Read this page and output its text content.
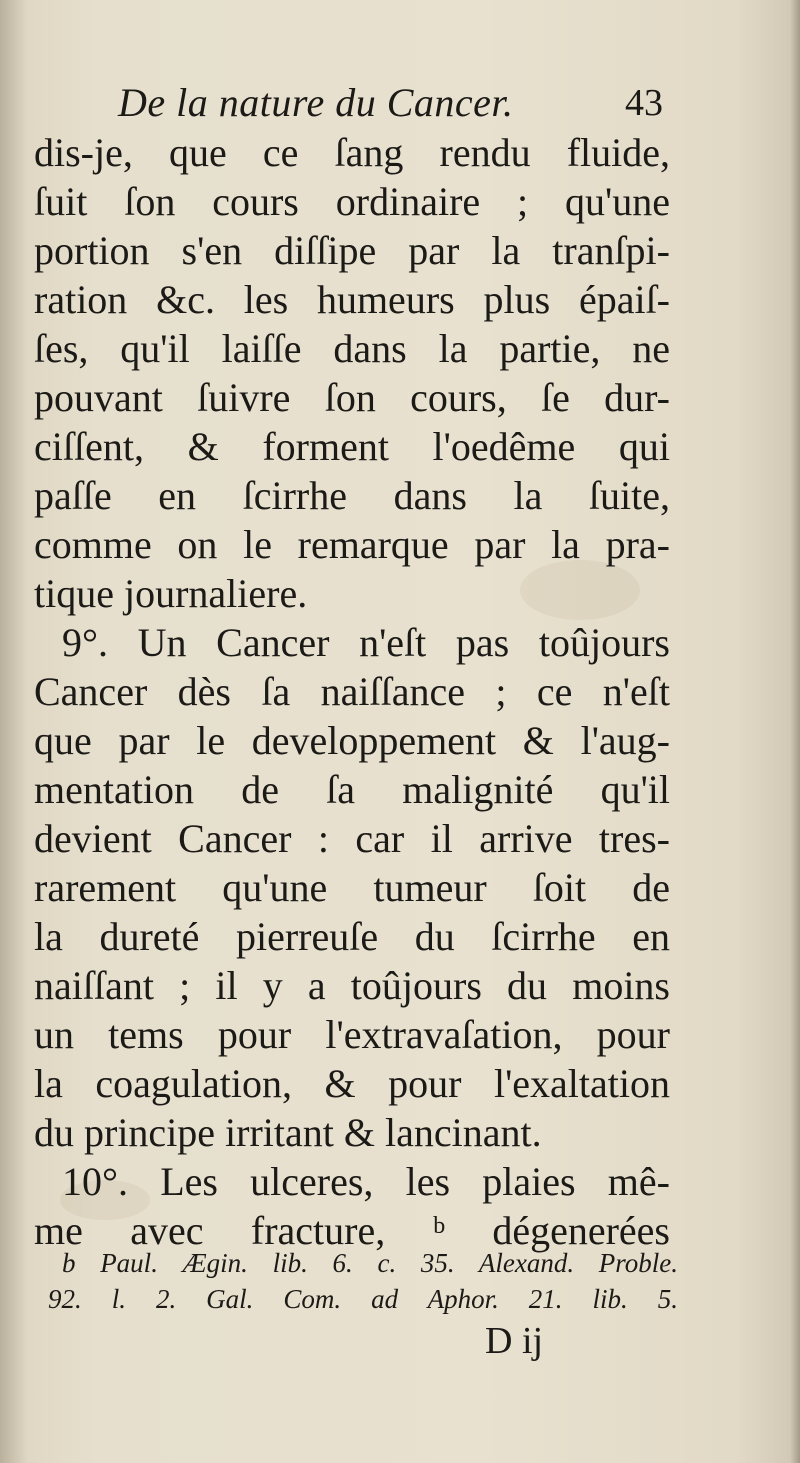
De la nature du Cancer.	43
dis-je, que ce ſang rendu fluide,
ſuit ſon cours ordinaire ; qu'une
portion s'en diſſipe par la tranſpi-
ration &c. les humeurs plus épaiſ-
ſes, qu'il laiſſe dans la partie, ne
pouvant ſuivre ſon cours, ſe dur-
ciſſent, & forment l'oedême qui
paſſe en ſcirrhe dans la ſuite,
comme on le remarque par la pra-
tique journaliere.
9°. Un Cancer n'eſt pas toûjours
Cancer dès ſa naiſſance ; ce n'eſt
que par le developpement & l'aug-
mentation de ſa malignité qu'il
devient Cancer : car il arrive tres-
rarement qu'une tumeur ſoit de
la dureté pierreuſe du ſcirrhe en
naiſſant ; il y a toûjours du moins
un tems pour l'extravaſation, pour
la coagulation, & pour l'exaltation
du principe irritant & lancinant.
10°. Les ulceres, les plaies mê-
me avec fracture, ᵇ dégenerées
b Paul. Ægin. lib. 6. c. 35. Alexand. Proble.
92. l. 2. Gal. Com. ad Aphor. 21. lib. 5.
D ij
